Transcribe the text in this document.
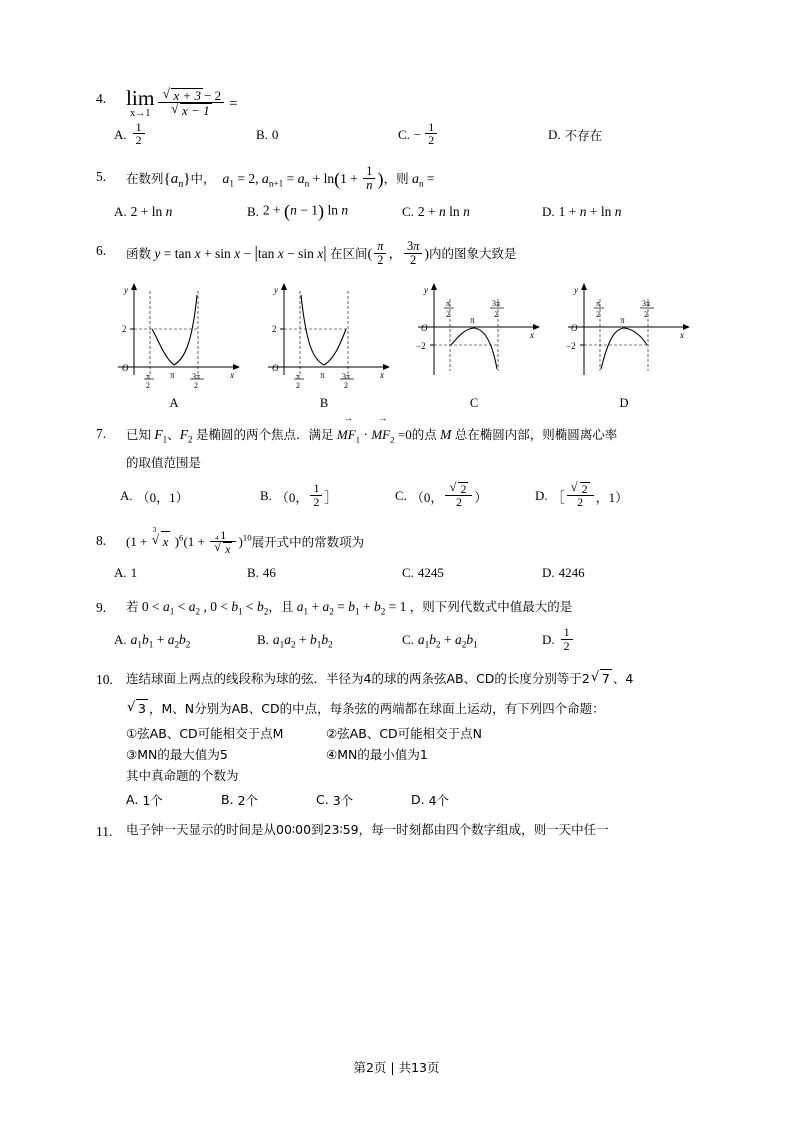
4. lim
x→1 √ x + 3 − 2
√ x − 1 =
A. $\frac{1}{2}$	B. 0	C. − $\frac{1}{2}$	D. 不存在
5.	在数列$\{a_n\}$中，  $a_1 = 2$, $a_{n+1} = a_n + \ln(1 + \frac{1}{n}$ )，则 $a_n$ =
A. 2 + ln n	B. 2 + (n − 1) ln n	C. 2 + n ln n	D. 1 + n + ln n
6.	函数 y = tan x + sin x − |tan x − sin x| 在区间( $\frac{\pi}{2}$ ， $\frac{3\pi}{2}$ )内的图象大致是
y
x
O
2
π
2
π 3π
2
A
y
x
O
2
π
2
π 3π
2
B
y
x
O
−2
π
2
π
3π
2
C
y
x
O
−2
π
2
π
3π
2
D
7.	已知 $F_1$、$F_2$ 是椭圆的两个焦点．满足 → $MF_1$ · → $MF_2 =0$的点 M 总在椭圆内部，则椭圆离心率
的取值范围是
A. （0，1）	B. （0， $\frac{1}{2}$ ］	C. （0， √ $\frac{2}{2}$ ）	D. ［ √ $\frac{2}{2}$ ，1）
8.	(1 + √ x 3 )$^6$(1 + 1
√ x 4 )$^{10}$展开式中的常数项为
A. 1	B. 46	C. 4245	D. 4246
9.	若 $0 < a_1 < a_2$ , $0 < b_1 < b_2$，且 $a_1 + a_2 = b_1 + b_2 = 1$ ，则下列代数式中值最大的是
A. $a_1b_1 + a_2b_2$	B. $a_1a_2 + b_1b_2$	C. $a_1b_2 + a_2b_1$	D. $\frac{1}{2}$
10.	连结球面上两点的线段称为球的弦．半径为4的球的两条弦AB、CD的长度分别等于2 √ 7 、4
√ 3 ，M、N分别为AB、CD的中点，每条弦的两端都在球面上运动，有下列四个命题：
①弦AB、CD可能相交于点M	②弦AB、CD可能相交于点N
③MN的最大值为5	④MN的最小值为1
其中真命题的个数为
A. 1个	B. 2个	C. 3个	D. 4个
11.	电子钟一天显示的时间是从00∶00到23∶59，每一时刻都由四个数字组成，则一天中任一
第2页 | 共13页
